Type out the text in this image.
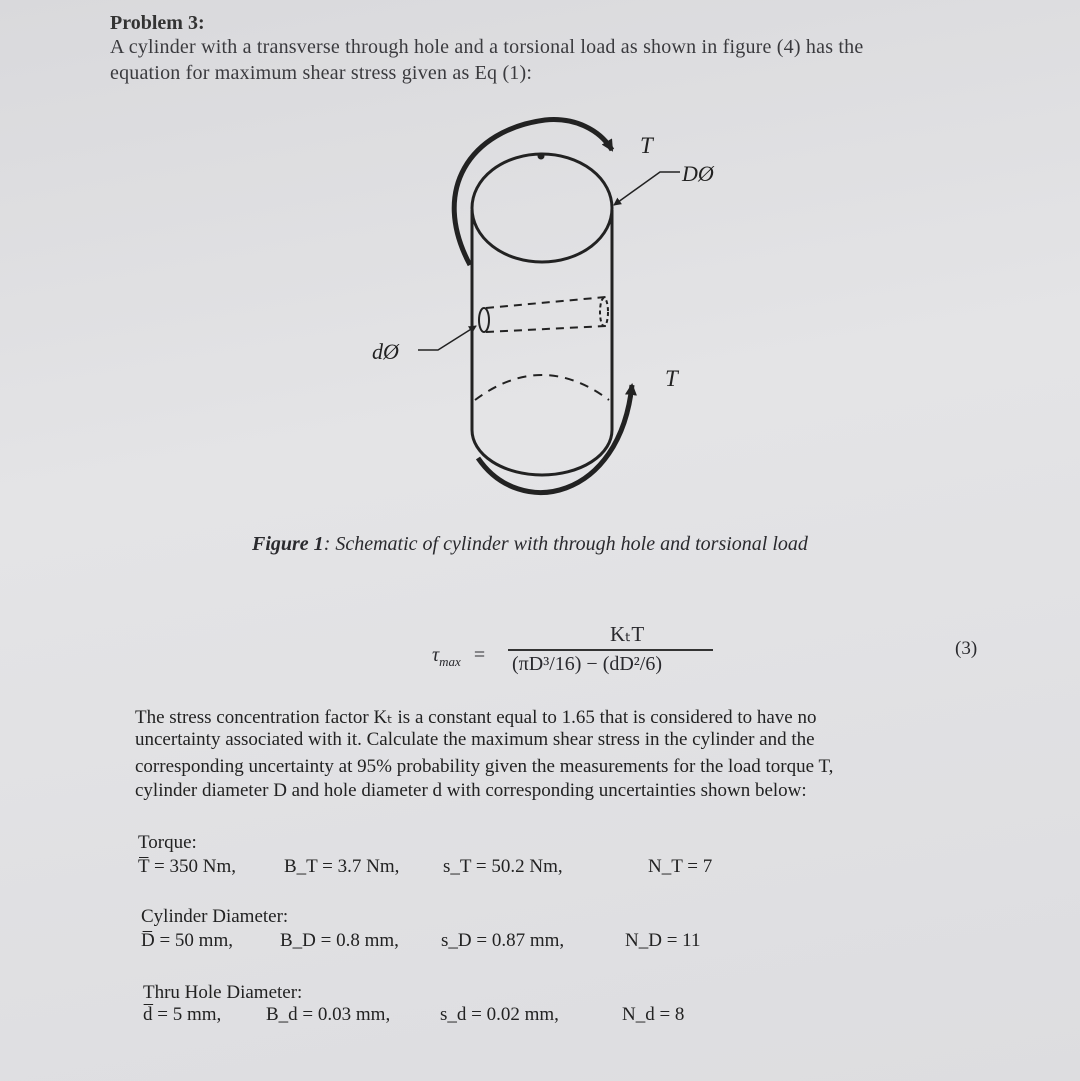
Problem 3:
A cylinder with a transverse through hole and a torsional load as shown in figure (4) has the
equation for maximum shear stress given as Eq (1):
T
DØ
dØ
T
Figure 1: Schematic of cylinder with through hole and torsional load
$\tau_{max}$ =
KₜT
(πD³/16) − (dD²/6)
(3)
The stress concentration factor Kₜ is a constant equal to 1.65 that is considered to have no
uncertainty associated with it. Calculate the maximum shear stress in the cylinder and the
corresponding uncertainty at 95% probability given the measurements for the load torque T,
cylinder diameter D and hole diameter d with corresponding uncertainties shown below:
Torque:
T̅ = 350 Nm,	B_T = 3.7 Nm, s_T = 50.2 Nm,	N_T = 7
Cylinder Diameter:
D̅ = 50 mm, B_D = 0.8 mm, s_D = 0.87 mm,	N_D = 11
Thru Hole Diameter:
d̅ = 5 mm, B_d = 0.03 mm,	s_d = 0.02 mm,	N_d = 8
